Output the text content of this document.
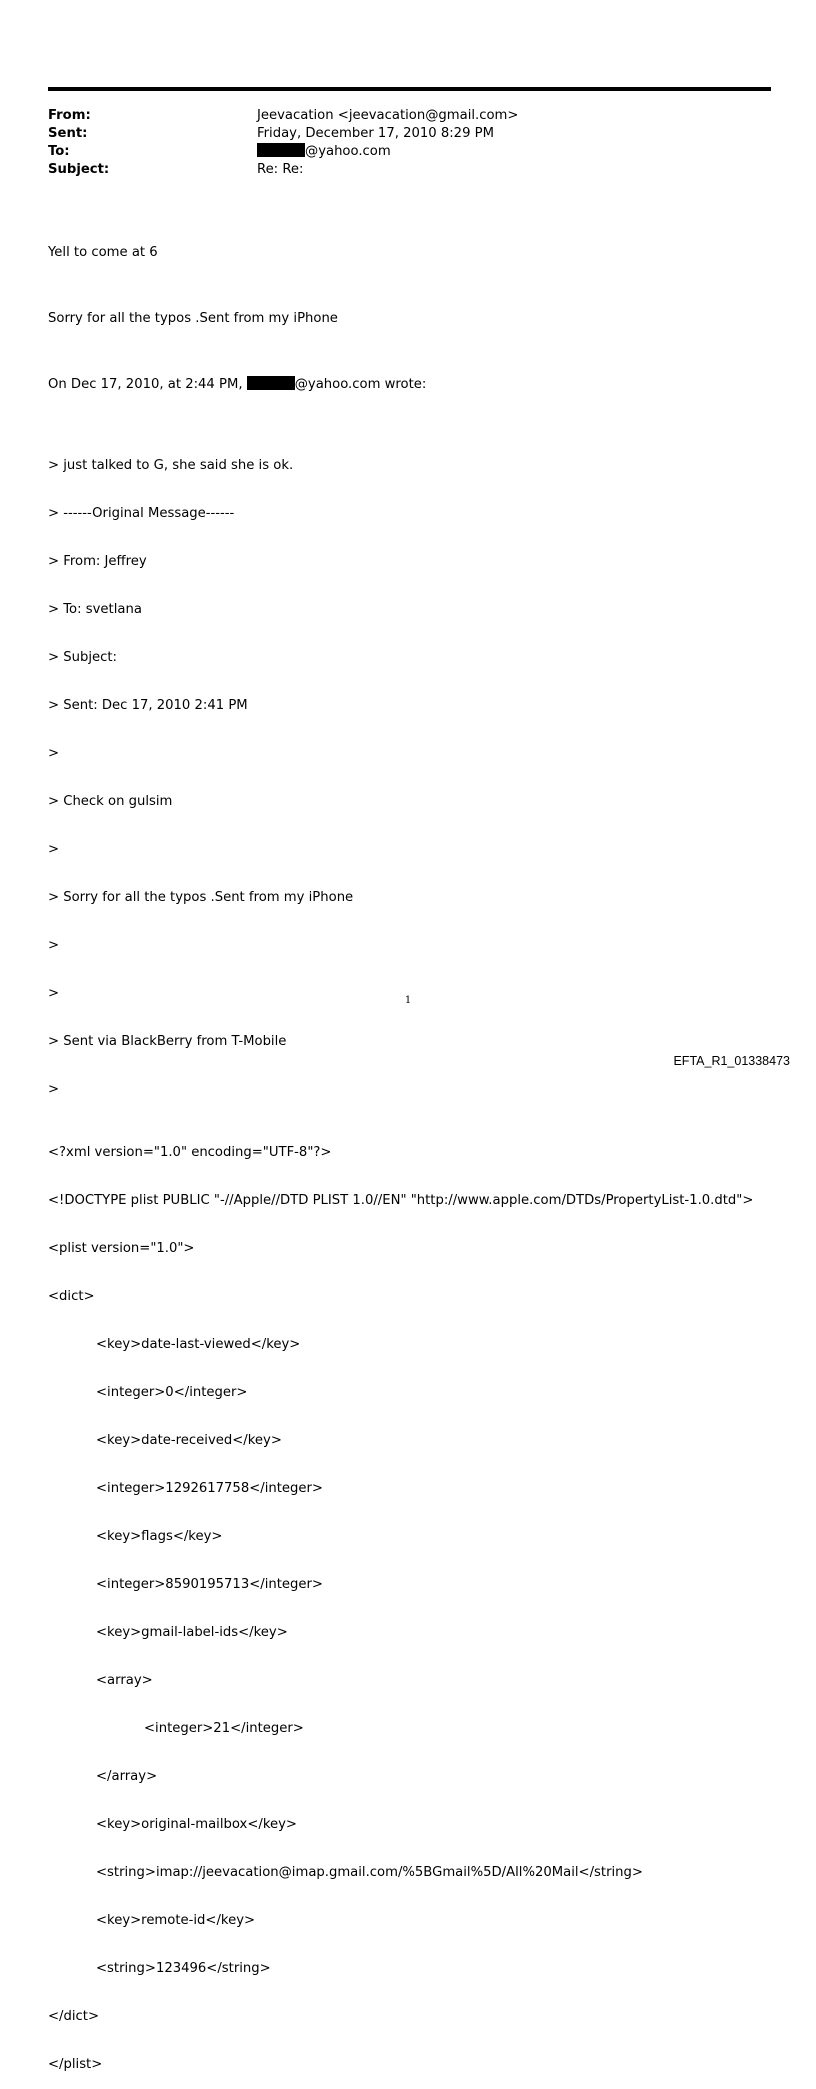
From:	Jeevacation <jeevacation@gmail.com>
Sent:	Friday, December 17, 2010 8:29 PM
To:	@yahoo.com
Subject:	Re: Re:

Yell to come at 6

Sorry for all the typos .Sent from my iPhone

On Dec 17, 2010, at 2:44 PM,	@yahoo.com wrote:

> just talked to G, she said she is ok.

> ------Original Message------

> From: Jeffrey

> To: svetlana

> Subject:

> Sent: Dec 17, 2010 2:41 PM

>

> Check on gulsim

>

> Sorry for all the typos .Sent from my iPhone

>

>

> Sent via BlackBerry from T-Mobile

>

<?xml version="1.0" encoding="UTF-8"?>

<!DOCTYPE plist PUBLIC "-//Apple//DTD PLIST 1.0//EN" "http://www.apple.com/DTDs/PropertyList-1.0.dtd">

<plist version="1.0">

<dict>

<key>date-last-viewed</key>

<integer>0</integer>

<key>date-received</key>

<integer>1292617758</integer>

<key>flags</key>

<integer>8590195713</integer>

<key>gmail-label-ids</key>

<array>

<integer>21</integer>

</array>

<key>original-mailbox</key>

<string>imap://jeevacation@imap.gmail.com/%5BGmail%5D/All%20Mail</string>

<key>remote-id</key>

<string>123496</string>

</dict>

</plist>

1
EFTA_R1_01338473
